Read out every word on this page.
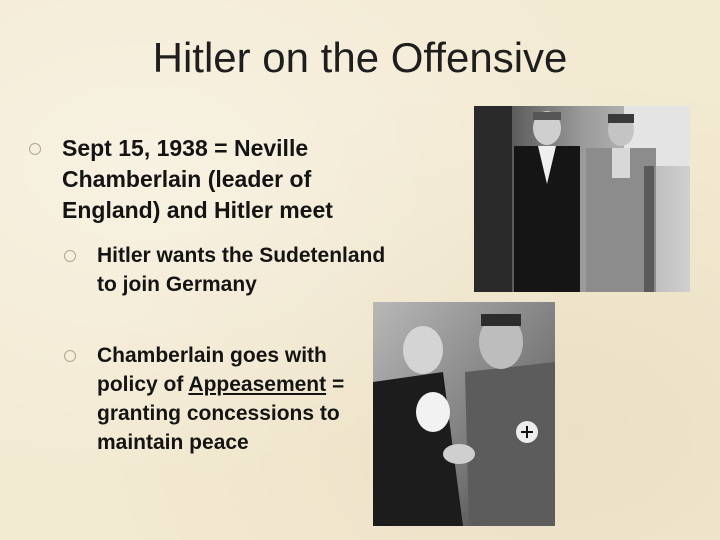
Hitler on the Offensive
Sept 15, 1938 = Neville Chamberlain (leader of England) and Hitler meet
Hitler wants the Sudetenland to join Germany
Chamberlain goes with policy of Appeasement = granting concessions to maintain peace
